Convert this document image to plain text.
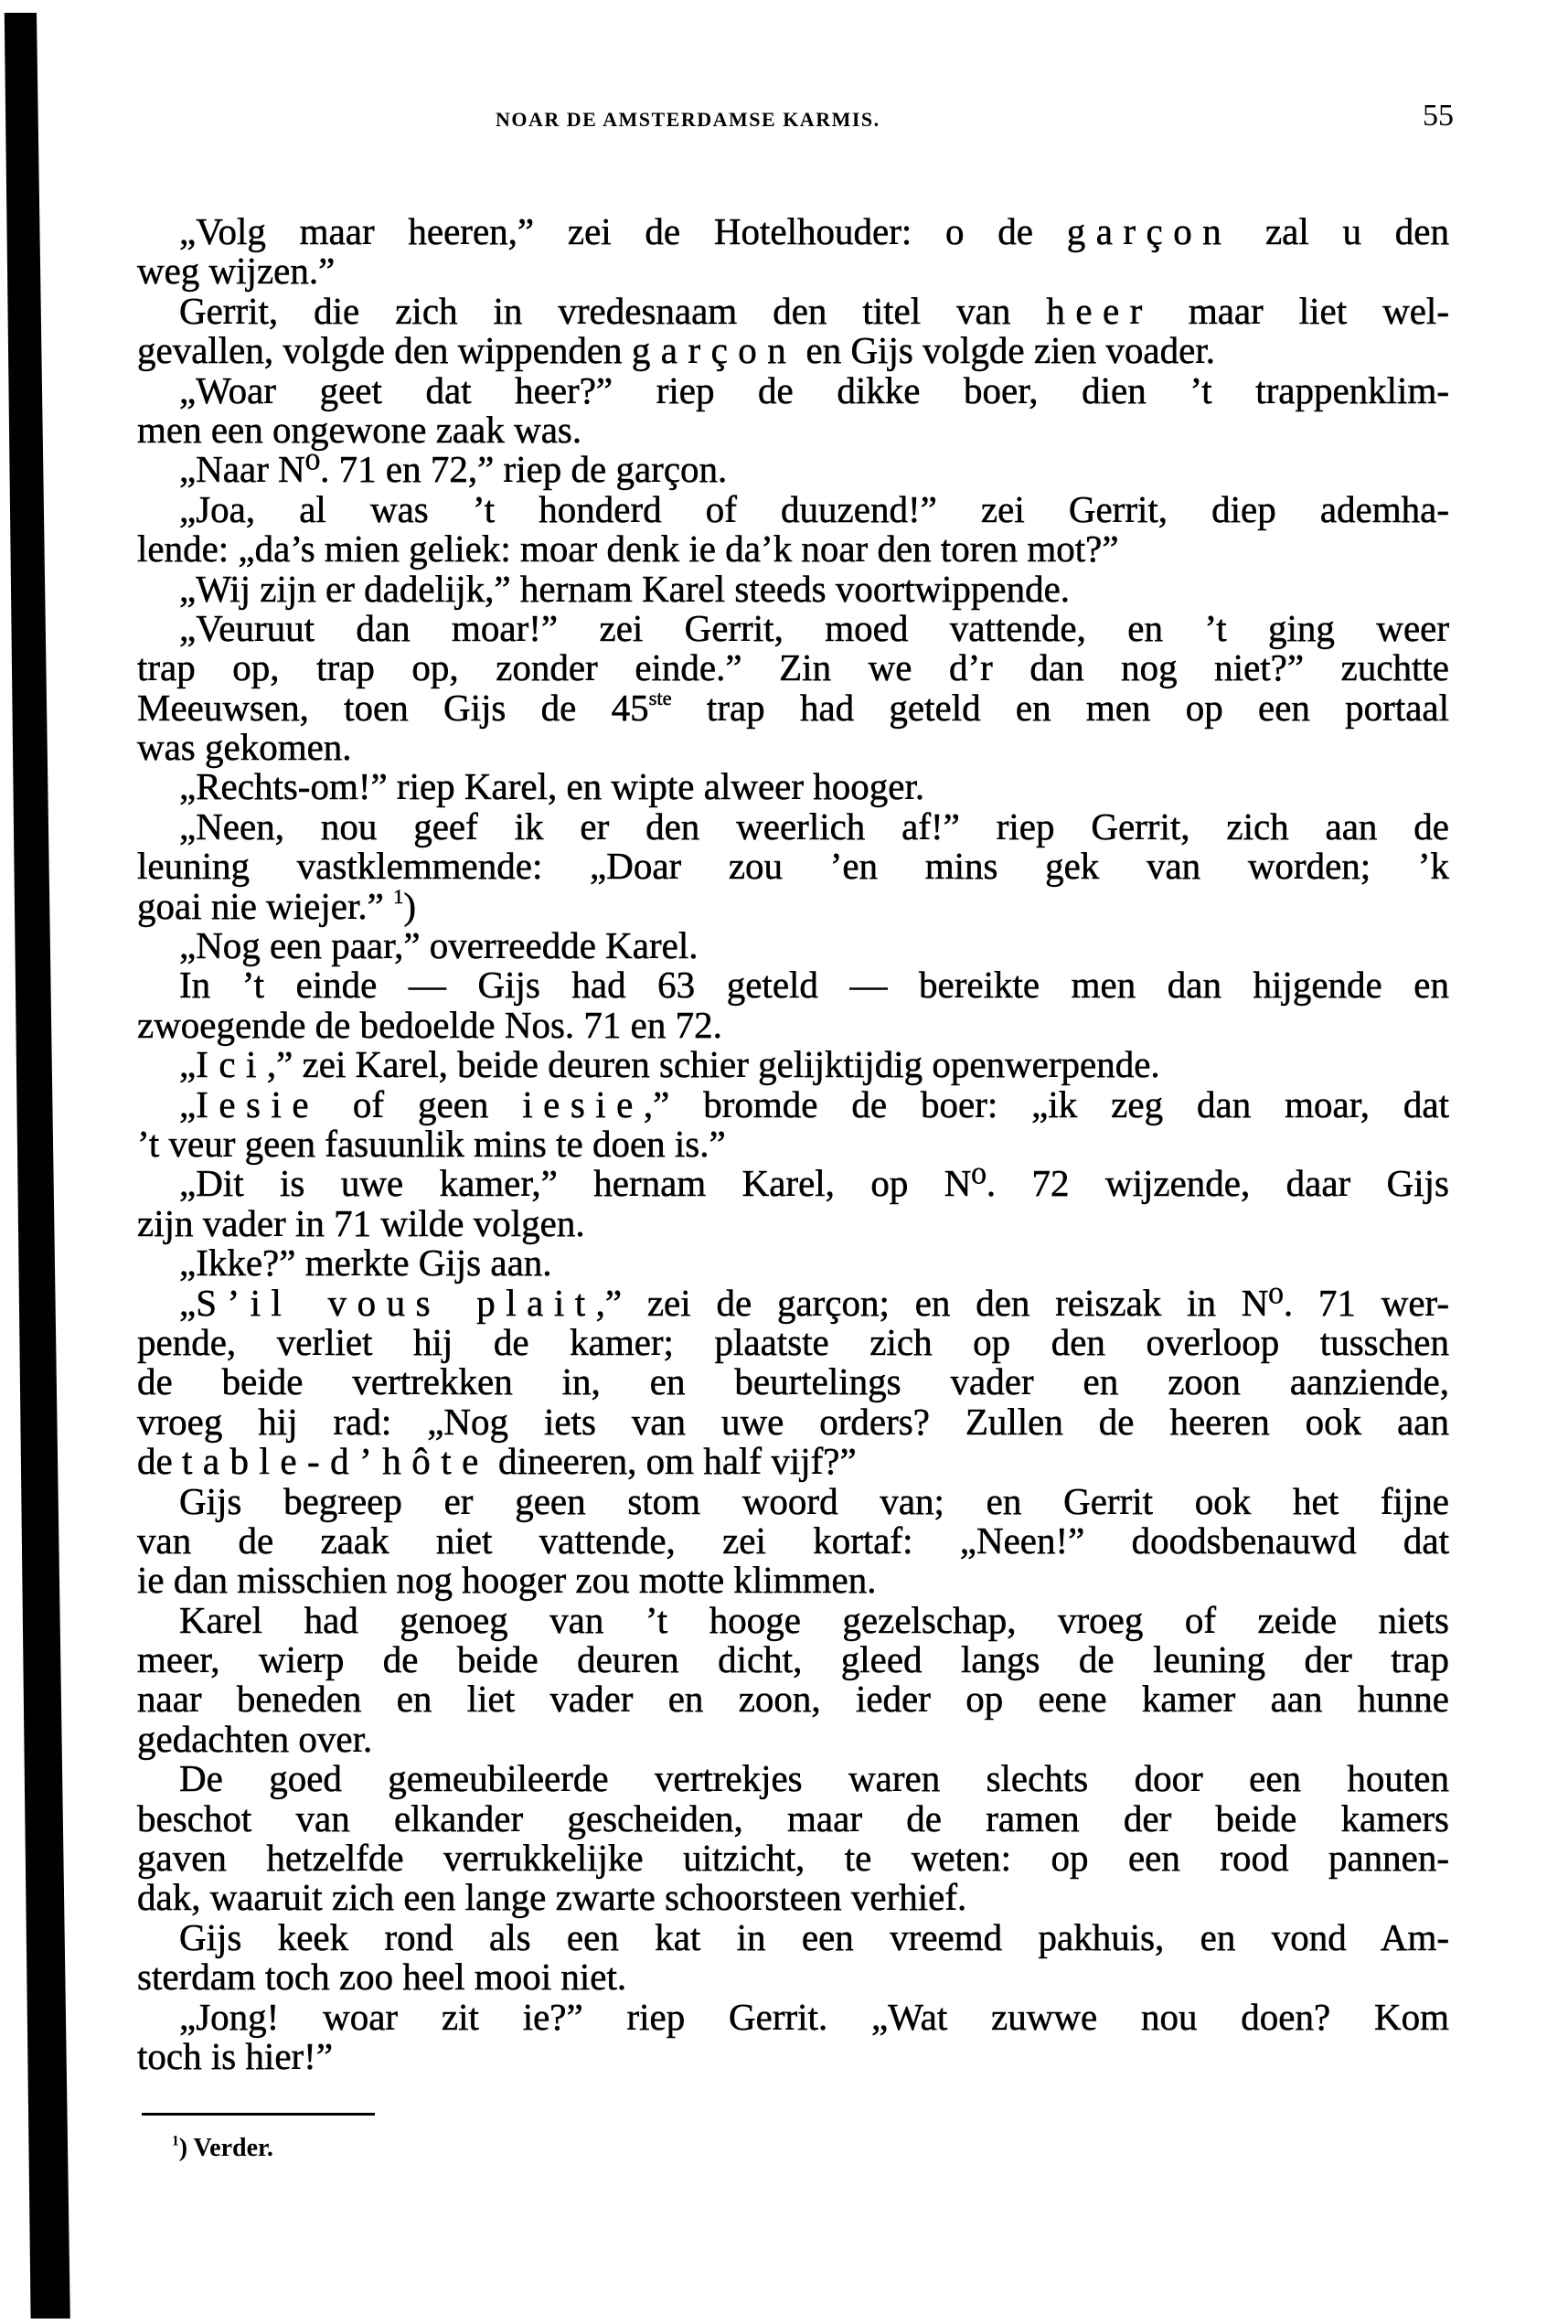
NOAR DE AMSTERDAMSE KARMIS.	55
„Volg maar heeren,” zei de Hotelhouder: o de garçon zal u den
weg wijzen.”
Gerrit, die zich in vredesnaam den titel van heer maar liet wel-
gevallen, volgde den wippenden garçon en Gijs volgde zien voader.
„Woar geet dat heer?” riep de dikke boer, dien ’t trappenklim-
men een ongewone zaak was.
„Naar N⁰. 71 en 72,” riep de garçon.
„Joa, al was ’t honderd of duuzend!” zei Gerrit, diep ademha-
lende: „da’s mien geliek: moar denk ie da’k noar den toren mot?”
„Wij zijn er dadelijk,” hernam Karel steeds voortwippende.
„Veuruut dan moar!” zei Gerrit, moed vattende, en ’t ging weer
trap op, trap op, zonder einde.” Zin we d’r dan nog niet?” zuchtte
Meeuwsen, toen Gijs de 45ste trap had geteld en men op een portaal
was gekomen.
„Rechts-om!” riep Karel, en wipte alweer hooger.
„Neen, nou geef ik er den weerlich af!” riep Gerrit, zich aan de
leuning vastklemmende: „Doar zou ’en mins gek van worden; ’k
goai nie wiejer.” $^1$)
„Nog een paar,” overreedde Karel.
In ’t einde — Gijs had 63 geteld — bereikte men dan hijgende en
zwoegende de bedoelde Nos. 71 en 72.
„Ici,” zei Karel, beide deuren schier gelijktijdig openwerpende.
„Iesie of geen iesie,” bromde de boer: „ik zeg dan moar, dat
’t veur geen fasuunlik mins te doen is.”
„Dit is uwe kamer,” hernam Karel, op N⁰. 72 wijzende, daar Gijs
zijn vader in 71 wilde volgen.
„Ikke?” merkte Gijs aan.
„S’il vous plait,” zei de garçon; en den reiszak in N⁰. 71 wer-
pende, verliet hij de kamer; plaatste zich op den overloop tusschen
de beide vertrekken in, en beurtelings vader en zoon aanziende,
vroeg hij rad: „Nog iets van uwe orders? Zullen de heeren ook aan
de table-d’hôte dineeren, om half vijf?”
Gijs begreep er geen stom woord van; en Gerrit ook het fijne
van de zaak niet vattende, zei kortaf: „Neen!” doodsbenauwd dat
ie dan misschien nog hooger zou motte klimmen.
Karel had genoeg van ’t hooge gezelschap, vroeg of zeide niets
meer, wierp de beide deuren dicht, gleed langs de leuning der trap
naar beneden en liet vader en zoon, ieder op eene kamer aan hunne
gedachten over.
De goed gemeubileerde vertrekjes waren slechts door een houten
beschot van elkander gescheiden, maar de ramen der beide kamers
gaven hetzelfde verrukkelijke uitzicht, te weten: op een rood pannen-
dak, waaruit zich een lange zwarte schoorsteen verhief.
Gijs keek rond als een kat in een vreemd pakhuis, en vond Am-
sterdam toch zoo heel mooi niet.
„Jong! woar zit ie?” riep Gerrit. „Wat zuwwe nou doen? Kom
toch is hier!”
$^1$) Verder.
